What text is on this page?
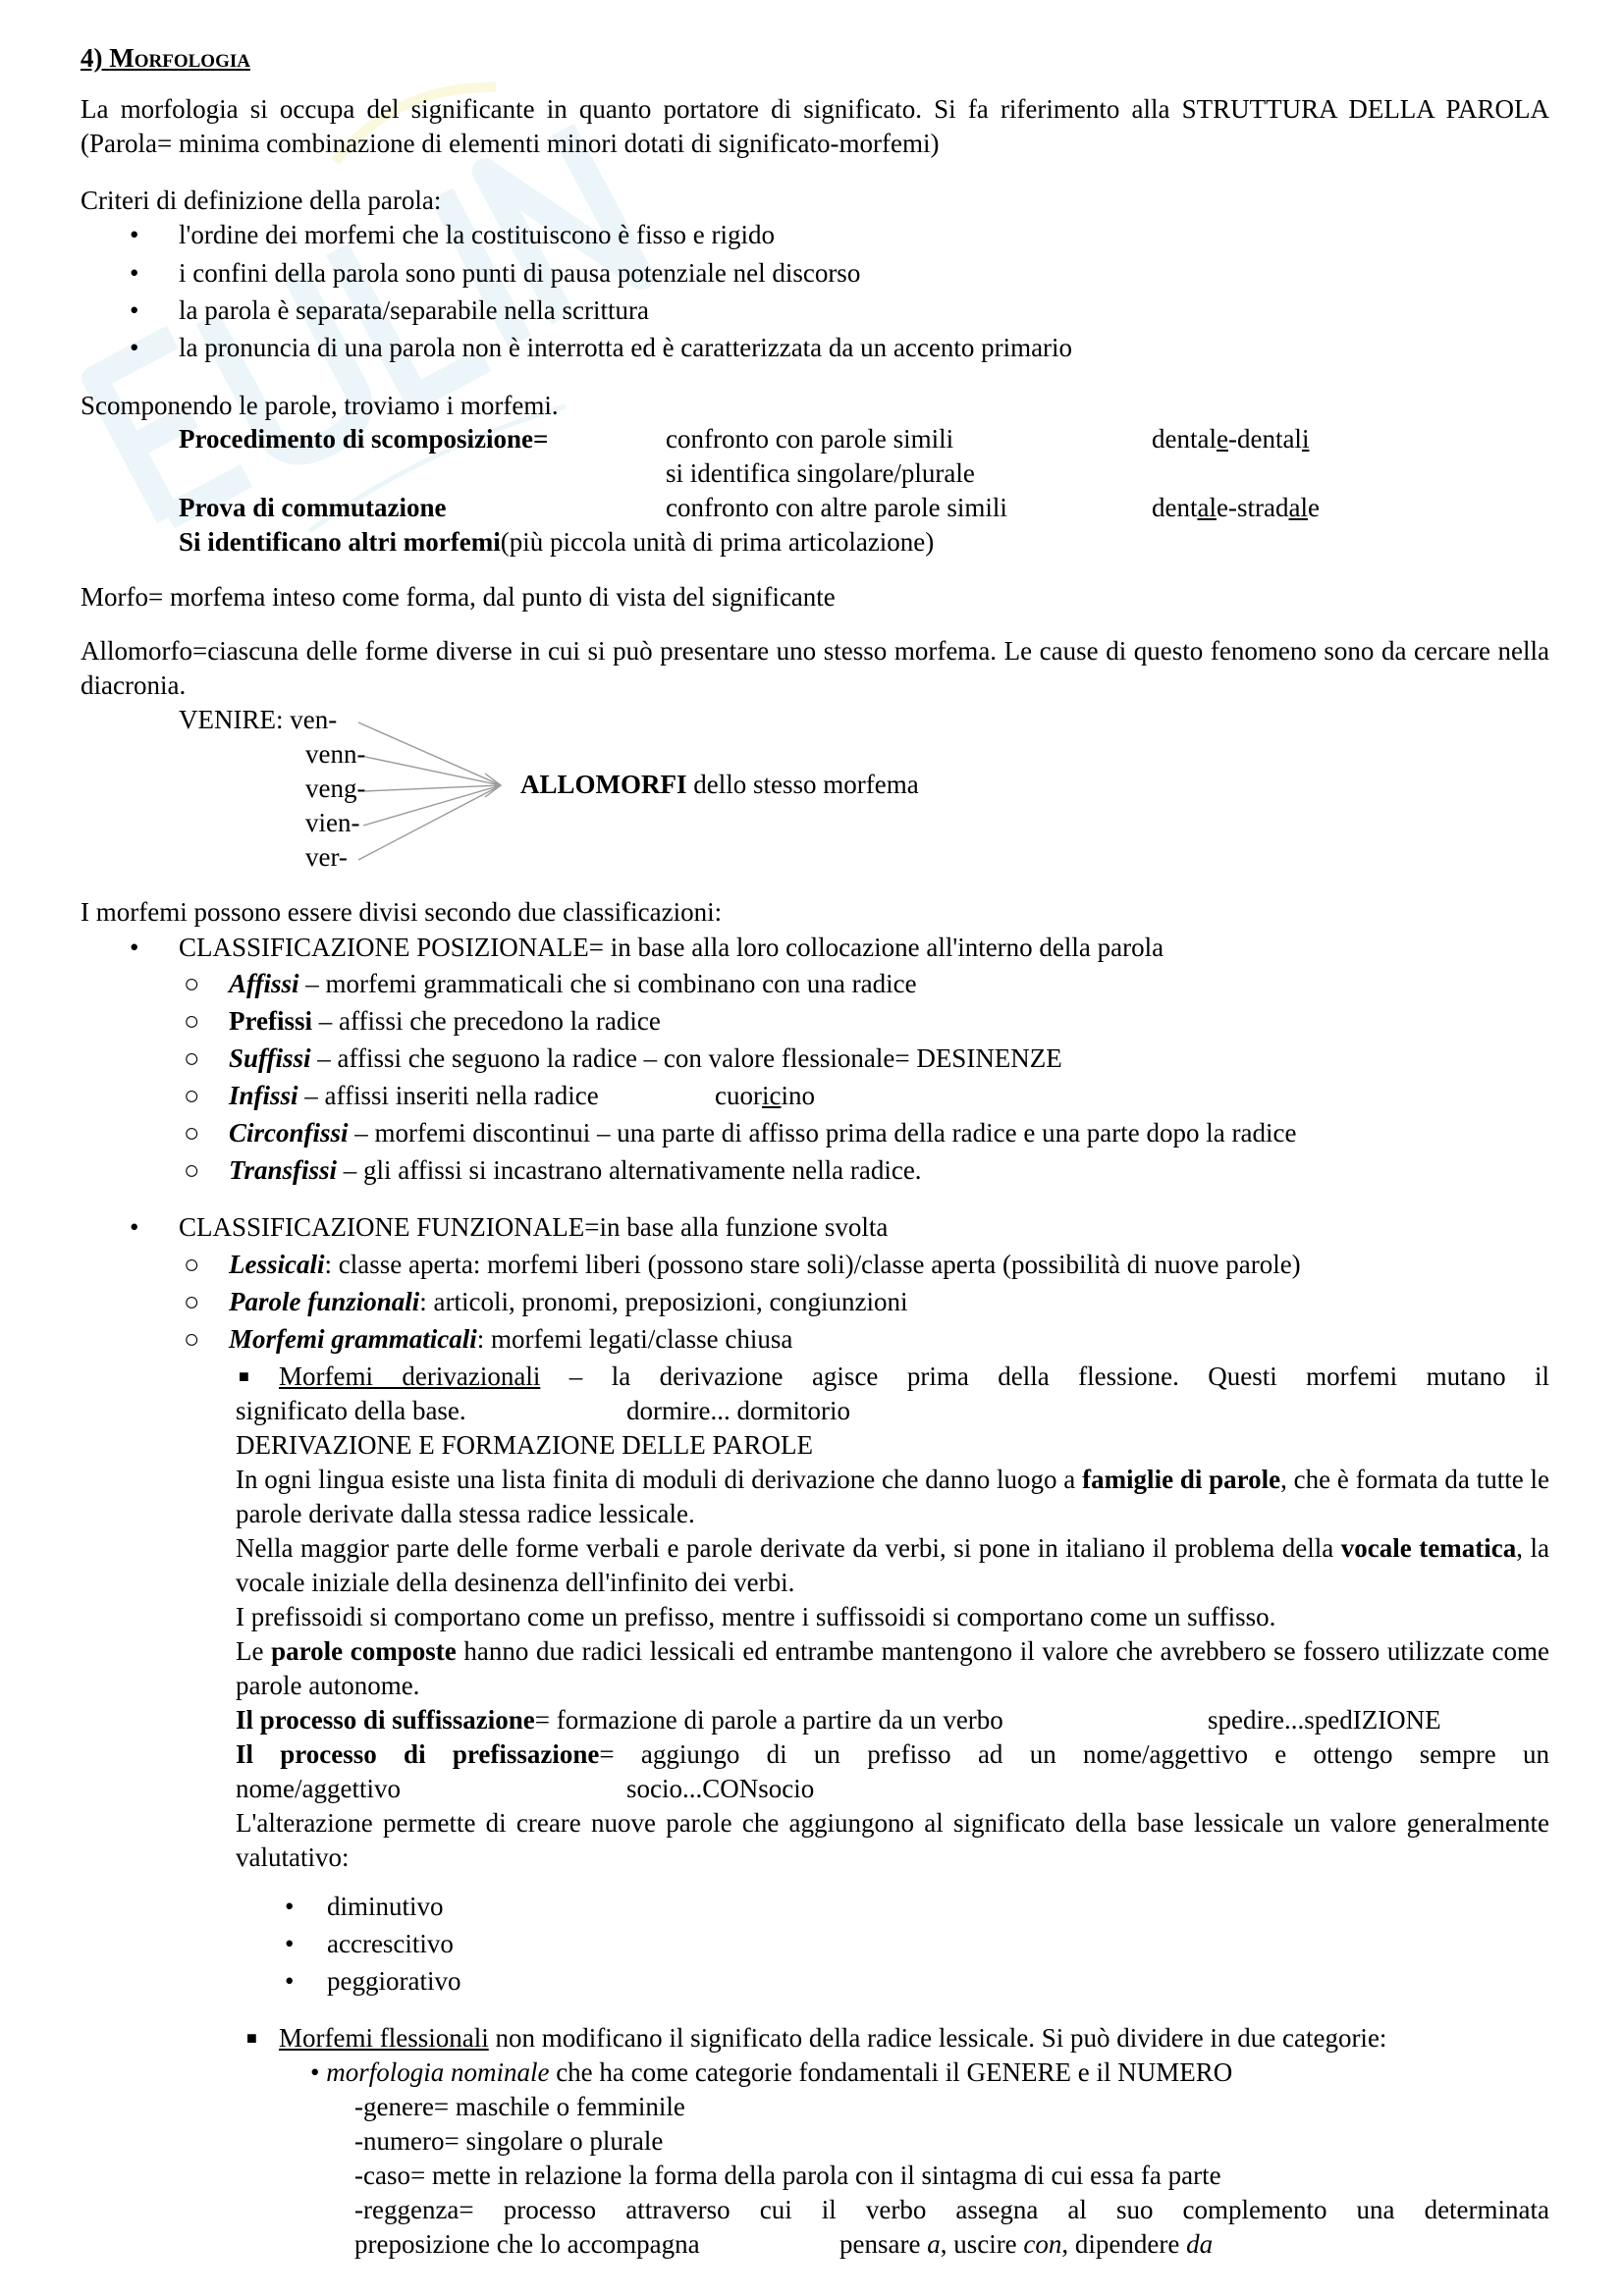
4) Morfologia
La morfologia si occupa del significante in quanto portatore di significato. Si fa riferimento alla STRUTTURA DELLA PAROLA (Parola= minima combinazione di elementi minori dotati di significato-morfemi)
Criteri di definizione della parola:
• l'ordine dei morfemi che la costituiscono è fisso e rigido
• i confini della parola sono punti di pausa potenziale nel discorso
• la parola è separata/separabile nella scrittura
• la pronuncia di una parola non è interrotta ed è caratterizzata da un accento primario
Scomponendo le parole, troviamo i morfemi.
Procedimento di scomposizione=	confronto con parole simili	dentale-dentali
si identifica singolare/plurale
Prova di commutazione	confronto con altre parole simili	dentale-stradale
Si identificano altri morfemi(più piccola unità di prima articolazione)
Morfo= morfema inteso come forma, dal punto di vista del significante
Allomorfo=ciascuna delle forme diverse in cui si può presentare uno stesso morfema. Le cause di questo fenomeno sono da cercare nella diacronia.
VENIRE: ven-
venn-
veng-
vien-
ver-
ALLOMORFI dello stesso morfema
I morfemi possono essere divisi secondo due classificazioni:
• CLASSIFICAZIONE POSIZIONALE= in base alla loro collocazione all'interno della parola
○ Affissi – morfemi grammaticali che si combinano con una radice
○ Prefissi – affissi che precedono la radice
○ Suffissi – affissi che seguono la radice – con valore flessionale= DESINENZE
○ Infissi – affissi inseriti nella radice	cuoricino
○ Circonfissi – morfemi discontinui – una parte di affisso prima della radice e una parte dopo la radice
○ Transfissi – gli affissi si incastrano alternativamente nella radice.
• CLASSIFICAZIONE FUNZIONALE=in base alla funzione svolta
○ Lessicali: classe aperta: morfemi liberi (possono stare soli)/classe aperta (possibilità di nuove parole)
○ Parole funzionali: articoli, pronomi, preposizioni, congiunzioni
○ Morfemi grammaticali: morfemi legati/classe chiusa
■ Morfemi derivazionali – la derivazione agisce prima della flessione. Questi morfemi mutano il
significato della base.	dormire... dormitorio
DERIVAZIONE E FORMAZIONE DELLE PAROLE
In ogni lingua esiste una lista finita di moduli di derivazione che danno luogo a famiglie di parole, che è formata da tutte le parole derivate dalla stessa radice lessicale.
Nella maggior parte delle forme verbali e parole derivate da verbi, si pone in italiano il problema della vocale tematica, la vocale iniziale della desinenza dell'infinito dei verbi.
I prefissoidi si comportano come un prefisso, mentre i suffissoidi si comportano come un suffisso.
Le parole composte hanno due radici lessicali ed entrambe mantengono il valore che avrebbero se fossero utilizzate come parole autonome.
Il processo di suffissazione= formazione di parole a partire da un verbo	spedire...spedIZIONE
Il processo di prefissazione= aggiungo di un prefisso ad un nome/aggettivo e ottengo sempre un
nome/aggettivo	socio...CONsocio
L'alterazione permette di creare nuove parole che aggiungono al significato della base lessicale un valore generalmente valutativo:
• diminutivo
• accrescitivo
• peggiorativo
■ Morfemi flessionali non modificano il significato della radice lessicale. Si può dividere in due categorie:
• morfologia nominale che ha come categorie fondamentali il GENERE e il NUMERO
-genere= maschile o femminile
-numero= singolare o plurale
-caso= mette in relazione la forma della parola con il sintagma di cui essa fa parte
-reggenza= processo attraverso cui il verbo assegna al suo complemento una determinata
preposizione che lo accompagna	pensare a, uscire con, dipendere da
